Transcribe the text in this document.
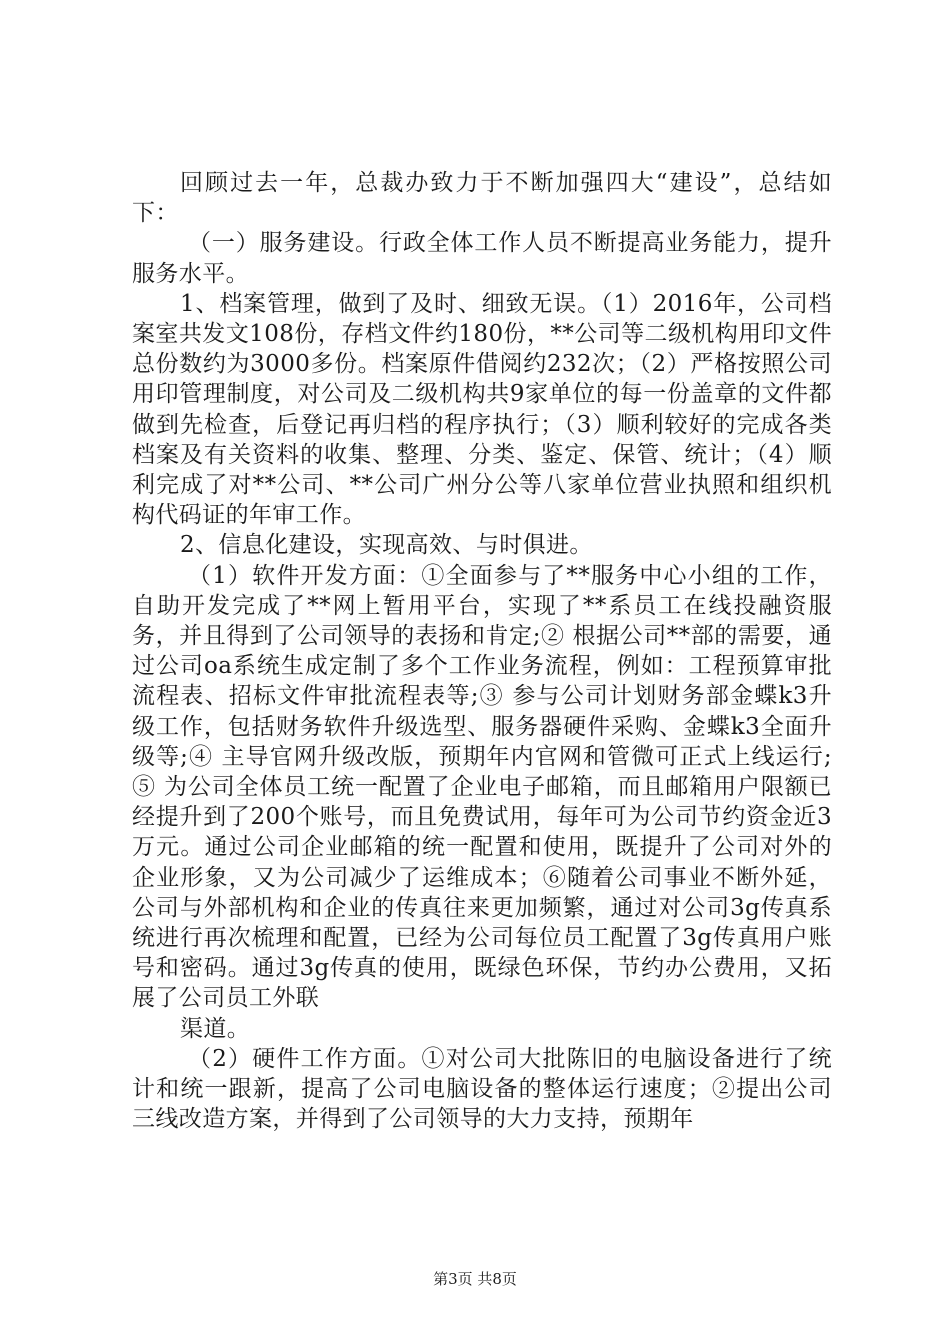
回顾过去一年，总裁办致力于不断加强四大“建设”，总结如下：

（一）服务建设。行政全体工作人员不断提高业务能力，提升服务水平。

1、档案管理，做到了及时、细致无误。（1）2016年，公司档案室共发文108份，存档文件约180份，**公司等二级机构用印文件总份数约为3000多份。档案原件借阅约232次；（2）严格按照公司用印管理制度，对公司及二级机构共9家单位的每一份盖章的文件都做到先检查，后登记再归档的程序执行；（3）顺利较好的完成各类档案及有关资料的收集、整理、分类、鉴定、保管、统计；（4）顺利完成了对**公司、**公司广州分公等八家单位营业执照和组织机构代码证的年审工作。

2、信息化建设，实现高效、与时俱进。

（1）软件开发方面：①全面参与了**服务中心小组的工作，自助开发完成了**网上暂用平台，实现了**系员工在线投融资服务，并且得到了公司领导的表扬和肯定;② 根据公司**部的需要，通过公司oa系统生成定制了多个工作业务流程，例如：工程预算审批流程表、招标文件审批流程表等;③ 参与公司计划财务部金蝶k3升级工作，包括财务软件升级选型、服务器硬件采购、金蝶k3全面升级等;④ 主导官网升级改版，预期年内官网和管微可正式上线运行;⑤ 为公司全体员工统一配置了企业电子邮箱，而且邮箱用户限额已经提升到了200个账号，而且免费试用，每年可为公司节约资金近3万元。通过公司企业邮箱的统一配置和使用，既提升了公司对外的企业形象，又为公司减少了运维成本；⑥随着公司事业不断外延，公司与外部机构和企业的传真往来更加频繁，通过对公司3g传真系统进行再次梳理和配置，已经为公司每位员工配置了3g传真用户账号和密码。通过3g传真的使用，既绿色环保，节约办公费用，又拓展了公司员工外联

渠道。

（2）硬件工作方面。①对公司大批陈旧的电脑设备进行了统计和统一跟新，提高了公司电脑设备的整体运行速度；②提出公司三线改造方案，并得到了公司领导的大力支持，预期年

第3页 共8页
